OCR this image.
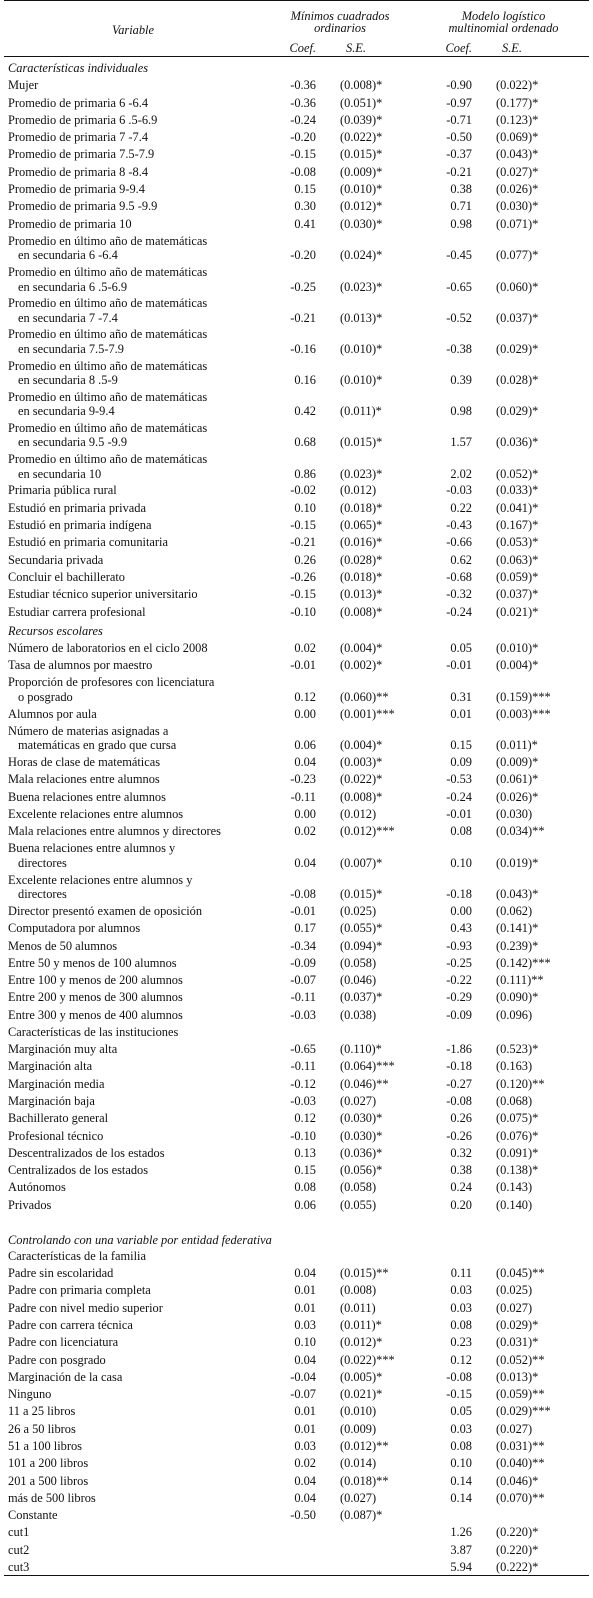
Variable	Mínimos cuadrados
ordinarios		Modelo logístico
multinomial ordenado	
	Coef.	S.E.	Coef.	S.E.
Características individuales				
Mujer	-0.36	(0.008)*	-0.90	(0.022)*
Promedio de primaria 6 -6.4	-0.36	(0.051)*	-0.97	(0.177)*
Promedio de primaria 6 .5-6.9	-0.24	(0.039)*	-0.71	(0.123)*
Promedio de primaria 7 -7.4	-0.20	(0.022)*	-0.50	(0.069)*
Promedio de primaria 7.5-7.9	-0.15	(0.015)*	-0.37	(0.043)*
Promedio de primaria 8 -8.4	-0.08	(0.009)*	-0.21	(0.027)*
Promedio de primaria 9-9.4	0.15	(0.010)*	0.38	(0.026)*
Promedio de primaria 9.5 -9.9	0.30	(0.012)*	0.71	(0.030)*
Promedio de primaria 10	0.41	(0.030)*	0.98	(0.071)*
Promedio en último año de matemáticas
en secundaria 6 -6.4	-0.20	(0.024)*	-0.45	(0.077)*
Promedio en último año de matemáticas
en secundaria 6 .5-6.9	-0.25	(0.023)*	-0.65	(0.060)*
Promedio en último año de matemáticas
en secundaria 7 -7.4	-0.21	(0.013)*	-0.52	(0.037)*
Promedio en último año de matemáticas
en secundaria 7.5-7.9	-0.16	(0.010)*	-0.38	(0.029)*
Promedio en último año de matemáticas
en secundaria 8 .5-9	0.16	(0.010)*	0.39	(0.028)*
Promedio en último año de matemáticas
en secundaria 9-9.4	0.42	(0.011)*	0.98	(0.029)*
Promedio en último año de matemáticas
en secundaria 9.5 -9.9	0.68	(0.015)*	1.57	(0.036)*
Promedio en último año de matemáticas
en secundaria 10	0.86	(0.023)*	2.02	(0.052)*
Primaria pública rural	-0.02	(0.012)	-0.03	(0.033)*
Estudió en primaria privada	0.10	(0.018)*	0.22	(0.041)*
Estudió en primaria indígena	-0.15	(0.065)*	-0.43	(0.167)*
Estudió en primaria comunitaria	-0.21	(0.016)*	-0.66	(0.053)*
Secundaria privada	0.26	(0.028)*	0.62	(0.063)*
Concluir el bachillerato	-0.26	(0.018)*	-0.68	(0.059)*
Estudiar técnico superior universitario	-0.15	(0.013)*	-0.32	(0.037)*
Estudiar carrera profesional	-0.10	(0.008)*	-0.24	(0.021)*
Recursos escolares				
Número de laboratorios en el ciclo 2008	0.02	(0.004)*	0.05	(0.010)*
Tasa de alumnos por maestro	-0.01	(0.002)*	-0.01	(0.004)*
Proporción de profesores con licenciatura
o posgrado	0.12	(0.060)**	0.31	(0.159)***
Alumnos por aula	0.00	(0.001)***	0.01	(0.003)***
Número de materias asignadas a
matemáticas en grado que cursa	0.06	(0.004)*	0.15	(0.011)*
Horas de clase de matemáticas	0.04	(0.003)*	0.09	(0.009)*
Mala relaciones entre alumnos	-0.23	(0.022)*	-0.53	(0.061)*
Buena relaciones entre alumnos	-0.11	(0.008)*	-0.24	(0.026)*
Excelente relaciones entre alumnos	0.00	(0.012)	-0.01	(0.030)
Mala relaciones entre alumnos y directores	0.02	(0.012)***	0.08	(0.034)**
Buena relaciones entre alumnos y
directores	0.04	(0.007)*	0.10	(0.019)*
Excelente relaciones entre alumnos y
directores	-0.08	(0.015)*	-0.18	(0.043)*
Director presentó examen de oposición	-0.01	(0.025)	0.00	(0.062)
Computadora por alumnos	0.17	(0.055)*	0.43	(0.141)*
Menos de 50 alumnos	-0.34	(0.094)*	-0.93	(0.239)*
Entre 50 y menos de 100 alumnos	-0.09	(0.058)	-0.25	(0.142)***
Entre 100 y menos de 200 alumnos	-0.07	(0.046)	-0.22	(0.111)**
Entre 200 y menos de 300 alumnos	-0.11	(0.037)*	-0.29	(0.090)*
Entre 300 y menos de 400 alumnos	-0.03	(0.038)	-0.09	(0.096)
Características de las instituciones				
Marginación muy alta	-0.65	(0.110)*	-1.86	(0.523)*
Marginación alta	-0.11	(0.064)***	-0.18	(0.163)
Marginación media	-0.12	(0.046)**	-0.27	(0.120)**
Marginación baja	-0.03	(0.027)	-0.08	(0.068)
Bachillerato general	0.12	(0.030)*	0.26	(0.075)*
Profesional técnico	-0.10	(0.030)*	-0.26	(0.076)*
Descentralizados de los estados	0.13	(0.036)*	0.32	(0.091)*
Centralizados de los estados	0.15	(0.056)*	0.38	(0.138)*
Autónomos	0.08	(0.058)	0.24	(0.143)
Privados	0.06	(0.055)	0.20	(0.140)
Controlando con una variable por entidad federativa				
Características de la familia				
Padre sin escolaridad	0.04	(0.015)**	0.11	(0.045)**
Padre con primaria completa	0.01	(0.008)	0.03	(0.025)
Padre con nivel medio superior	0.01	(0.011)	0.03	(0.027)
Padre con carrera técnica	0.03	(0.011)*	0.08	(0.029)*
Padre con licenciatura	0.10	(0.012)*	0.23	(0.031)*
Padre con posgrado	0.04	(0.022)***	0.12	(0.052)**
Marginación de la casa	-0.04	(0.005)*	-0.08	(0.013)*
Ninguno	-0.07	(0.021)*	-0.15	(0.059)**
11 a 25 libros	0.01	(0.010)	0.05	(0.029)***
26 a 50 libros	0.01	(0.009)	0.03	(0.027)
51 a 100 libros	0.03	(0.012)**	0.08	(0.031)**
101 a 200 libros	0.02	(0.014)	0.10	(0.040)**
201 a 500 libros	0.04	(0.018)**	0.14	(0.046)*
más de 500 libros	0.04	(0.027)	0.14	(0.070)**
Constante	-0.50	(0.087)*		
cut1			1.26	(0.220)*
cut2			3.87	(0.220)*
cut3			5.94	(0.222)*
